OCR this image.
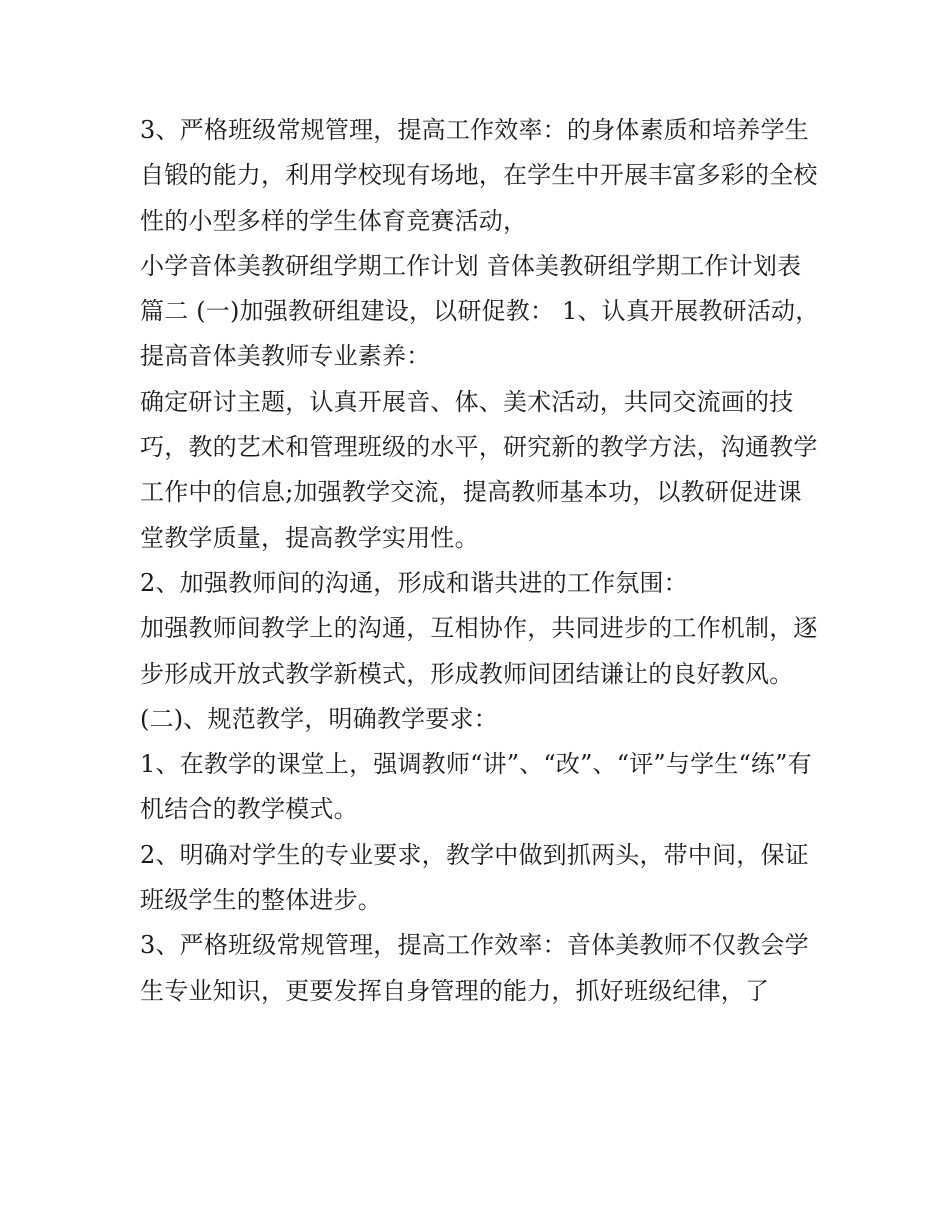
3、严格班级常规管理，提高工作效率：的身体素质和培养学生自锻的能力，利用学校现有场地，在学生中开展丰富多彩的全校性的小型多样的学生体育竞赛活动，

小学音体美教研组学期工作计划 音体美教研组学期工作计划表篇二 (一)加强教研组建设，以研促教： 1、认真开展教研活动，提高音体美教师专业素养：

确定研讨主题，认真开展音、体、美术活动，共同交流画的技巧，教的艺术和管理班级的水平，研究新的教学方法，沟通教学工作中的信息;加强教学交流，提高教师基本功，以教研促进课堂教学质量，提高教学实用性。

2、加强教师间的沟通，形成和谐共进的工作氛围：

加强教师间教学上的沟通，互相协作，共同进步的工作机制，逐步形成开放式教学新模式，形成教师间团结谦让的良好教风。 (二)、规范教学，明确教学要求：

1、在教学的课堂上，强调教师“讲”、“改”、“评”与学生“练”有机结合的教学模式。

2、明确对学生的专业要求，教学中做到抓两头，带中间，保证班级学生的整体进步。

3、严格班级常规管理，提高工作效率：音体美教师不仅教会学生专业知识，更要发挥自身管理的能力，抓好班级纪律，了
